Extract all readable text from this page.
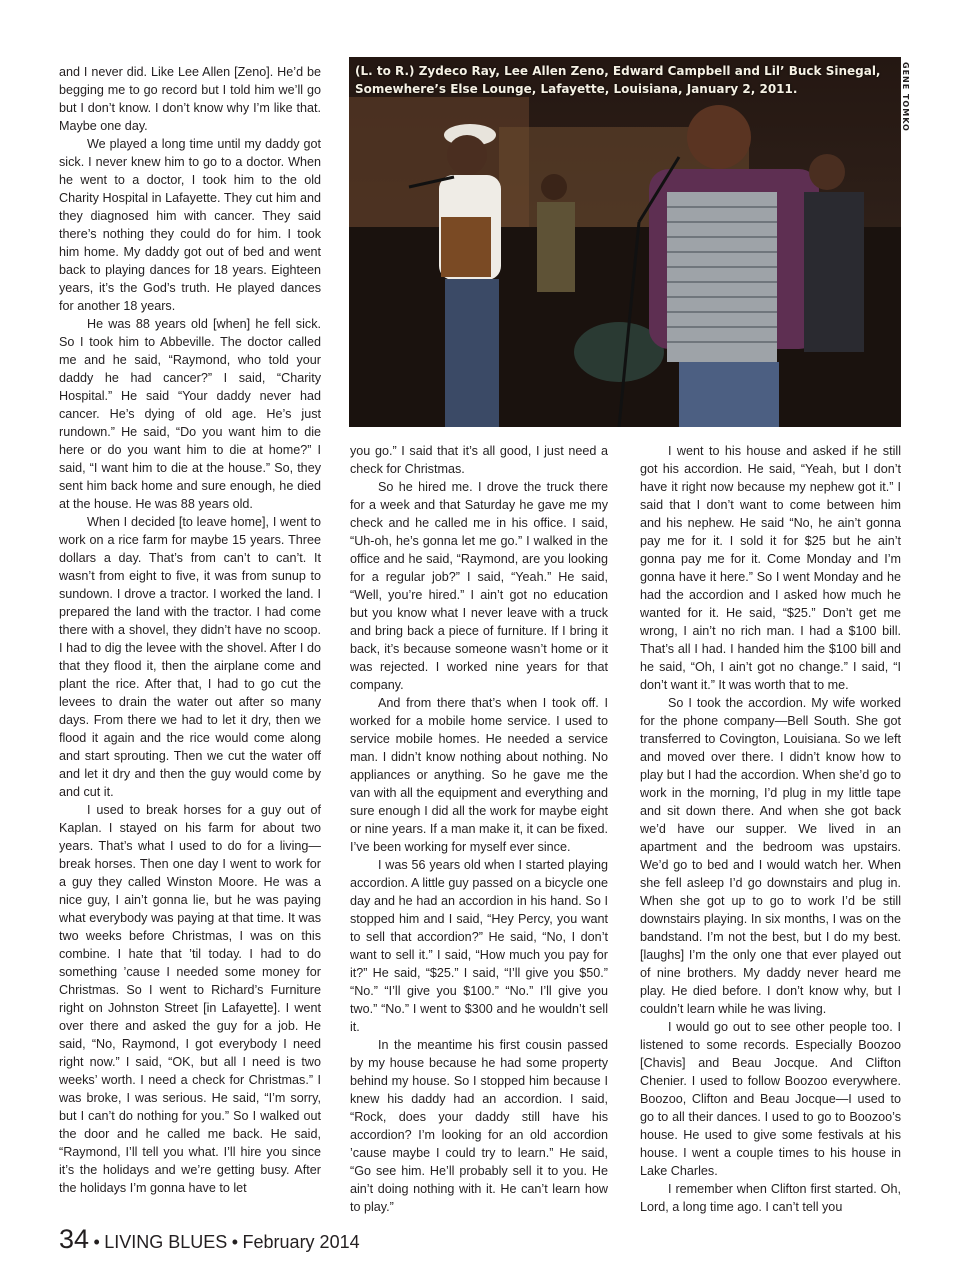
and I never did. Like Lee Allen [Zeno]. He’d be begging me to go record but I told him we’ll go but I don’t know. I don’t know why I’m like that. Maybe one day.

We played a long time until my daddy got sick. I never knew him to go to a doctor. When he went to a doctor, I took him to the old Charity Hospital in Lafayette. They cut him and they diagnosed him with cancer. They said there’s nothing they could do for him. I took him home. My daddy got out of bed and went back to playing dances for 18 years. Eighteen years, it’s the God’s truth. He played dances for another 18 years.

He was 88 years old [when] he fell sick. So I took him to Abbeville. The doctor called me and he said, “Raymond, who told your daddy he had cancer?” I said, “Charity Hospital.” He said “Your daddy never had cancer. He’s dying of old age. He’s just rundown.” He said, “Do you want him to die here or do you want him to die at home?” I said, “I want him to die at the house.” So, they sent him back home and sure enough, he died at the house. He was 88 years old.

When I decided [to leave home], I went to work on a rice farm for maybe 15 years. Three dollars a day. That’s from can’t to can’t. It wasn’t from eight to five, it was from sunup to sundown. I drove a tractor. I worked the land. I prepared the land with the tractor. I had come there with a shovel, they didn’t have no scoop. I had to dig the levee with the shovel. After I do that they flood it, then the airplane come and plant the rice. After that, I had to go cut the levees to drain the water out after so many days. From there we had to let it dry, then we flood it again and the rice would come along and start sprouting. Then we cut the water off and let it dry and then the guy would come by and cut it.

I used to break horses for a guy out of Kaplan. I stayed on his farm for about two years. That’s what I used to do for a living—break horses. Then one day I went to work for a guy they called Winston Moore. He was a nice guy, I ain’t gonna lie, but he was paying what everybody was paying at that time. It was two weeks before Christmas, I was on this combine. I hate that ’til today. I had to do something ’cause I needed some money for Christmas. So I went to Richard’s Furniture right on Johnston Street [in Lafayette]. I went over there and asked the guy for a job. He said, “No, Raymond, I got everybody I need right now.” I said, “OK, but all I need is two weeks’ worth. I need a check for Christmas.” I was broke, I was serious. He said, “I’m sorry, but I can’t do nothing for you.” So I walked out the door and he called me back. He said, “Raymond, I’ll tell you what. I’ll hire you since it’s the holidays and we’re getting busy. After the holidays I’m gonna have to let

(L. to R.) Zydeco Ray, Lee Allen Zeno, Edward Campbell and Lil’ Buck Sinegal, Somewhere’s Else Lounge, Lafayette, Louisiana, January 2, 2011.	GENE TOMKO

you go.” I said that it’s all good, I just need a check for Christmas.

So he hired me. I drove the truck there for a week and that Saturday he gave me my check and he called me in his office. I said, “Uh-oh, he’s gonna let me go.” I walked in the office and he said, “Raymond, are you looking for a regular job?” I said, “Yeah.” He said, “Well, you’re hired.” I ain’t got no education but you know what I never leave with a truck and bring back a piece of furniture. If I bring it back, it’s because someone wasn’t home or it was rejected. I worked nine years for that company.

And from there that’s when I took off. I worked for a mobile home service. I used to service mobile homes. He needed a service man. I didn’t know nothing about nothing. No appliances or anything. So he gave me the van with all the equipment and everything and sure enough I did all the work for maybe eight or nine years. If a man make it, it can be fixed. I’ve been working for myself ever since.

I was 56 years old when I started playing accordion. A little guy passed on a bicycle one day and he had an accordion in his hand. So I stopped him and I said, “Hey Percy, you want to sell that accordion?” He said, “No, I don’t want to sell it.” I said, “How much you pay for it?” He said, “$25.” I said, “I’ll give you $50.” “No.” “I’ll give you $100.” “No.” I’ll give you two.” “No.” I went to $300 and he wouldn’t sell it.

In the meantime his first cousin passed by my house because he had some property behind my house. So I stopped him because I knew his daddy had an accordion. I said, “Rock, does your daddy still have his accordion? I’m looking for an old accordion ’cause maybe I could try to learn.” He said, “Go see him. He’ll probably sell it to you. He ain’t doing nothing with it. He can’t learn how to play.”

I went to his house and asked if he still got his accordion. He said, “Yeah, but I don’t have it right now because my nephew got it.” I said that I don’t want to come between him and his nephew. He said “No, he ain’t gonna pay me for it. I sold it for $25 but he ain’t gonna pay me for it. Come Monday and I’m gonna have it here.” So I went Monday and he had the accordion and I asked how much he wanted for it. He said, “$25.” Don’t get me wrong, I ain’t no rich man. I had a $100 bill. That’s all I had. I handed him the $100 bill and he said, “Oh, I ain’t got no change.” I said, “I don’t want it.” It was worth that to me.

So I took the accordion. My wife worked for the phone company—Bell South. She got transferred to Covington, Louisiana. So we left and moved over there. I didn’t know how to play but I had the accordion. When she’d go to work in the morning, I’d plug in my little tape and sit down there. And when she got back we’d have our supper. We lived in an apartment and the bedroom was upstairs. We’d go to bed and I would watch her. When she fell asleep I’d go downstairs and plug in. When she got up to go to work I’d be still downstairs playing. In six months, I was on the bandstand. I’m not the best, but I do my best. [laughs] I’m the only one that ever played out of nine brothers. My daddy never heard me play. He died before. I don’t know why, but I couldn’t learn while he was living.

I would go out to see other people too. I listened to some records. Especially Boozoo [Chavis] and Beau Jocque. And Clifton Chenier. I used to follow Boozoo everywhere. Boozoo, Clifton and Beau Jocque—I used to go to all their dances. I used to go to Boozoo’s house. He used to give some festivals at his house. I went a couple times to his house in Lake Charles.

I remember when Clifton first started. Oh, Lord, a long time ago. I can’t tell you

34 • LIVING BLUES • February 2014
